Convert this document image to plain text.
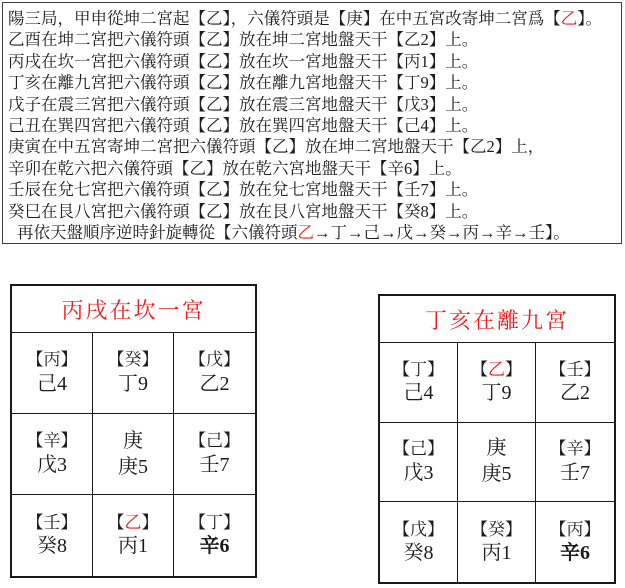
陽三局，甲申從坤二宮起【乙】，六儀符頭是【庚】在中五宮改寄坤二宮爲【乙】。
乙酉在坤二宮把六儀符頭【乙】放在坤二宮地盤天干【乙2】上。
丙戌在坎一宮把六儀符頭【乙】放在坎一宮地盤天干【丙1】上。
丁亥在離九宮把六儀符頭【乙】放在離九宮地盤天干【丁9】上。
戊子在震三宮把六儀符頭【乙】放在震三宮地盤天干【戊3】上。
己丑在巽四宮把六儀符頭【乙】放在巽四宮地盤天干【己4】上。
庚寅在中五宮寄坤二宮把六儀符頭【乙】放在坤二宮地盤天干【乙2】上，
辛卯在乾六把六儀符頭【乙】放在乾六宮地盤天干【辛6】上。
壬辰在兌七宮把六儀符頭【乙】放在兌七宮地盤天干【壬7】上。
癸巳在艮八宮把六儀符頭【乙】放在艮八宮地盤天干【癸8】上。
再依天盤順序逆時針旋轉從【六儀符頭乙→丁→己→戊→癸→丙→辛→壬】。
丙戌在坎一宮
【丙】
己4
【癸】
丁9
【戊】
乙2
【辛】
戊3
庚
庚5
【己】
壬7
【壬】
癸8
【乙】
丙1
【丁】
辛6
丁亥在離九宮
【丁】
己4
【乙】
丁9
【壬】
乙2
【己】
戊3
庚
庚5
【辛】
壬7
【戊】
癸8
【癸】
丙1
【丙】
辛6
